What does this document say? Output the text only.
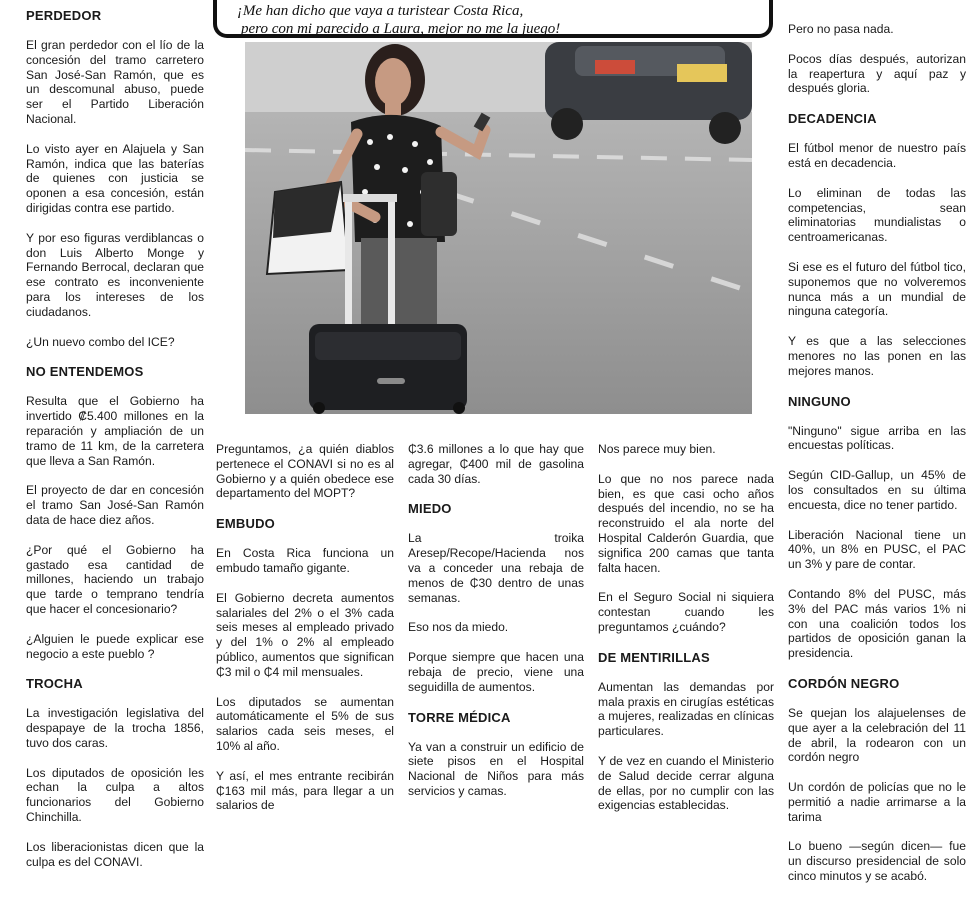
PERDEDOR

El gran perdedor con el lío de la concesión del tramo carretero San José-San Ramón, que es un descomunal abuso, puede ser el Partido Liberación Nacional.

Lo visto ayer en Alajuela y San Ramón, indica que las baterías de quienes con justicia se oponen a esa concesión, están dirigidas contra ese partido.

Y por eso figuras verdiblancas o don Luis Alberto Monge y Fernando Berrocal, declaran que ese contrato es inconveniente para los intereses de los ciudadanos.

¿Un nuevo combo del ICE?

NO ENTENDEMOS

Resulta que el Gobierno ha invertido ₡5.400 millones en la reparación y ampliación de un tramo de 11 km, de la carretera que lleva a San Ramón.

El proyecto de dar en concesión el tramo San José-San Ramón data de hace diez años.

¿Por qué el Gobierno ha gastado esa cantidad de millones, haciendo un trabajo que tarde o temprano tendría que hacer el concesionario?

¿Alguien le puede explicar ese negocio a este pueblo ?

TROCHA

La investigación legislativa del despapaye de la trocha 1856, tuvo dos caras.

Los diputados de oposición les echan la culpa a altos funcionarios del Gobierno Chinchilla.

Los liberacionistas dicen que la culpa es del CONAVI.

¡Me han dicho que vaya a turistear Costa Rica,
pero con mi parecido a Laura, mejor no me la juego!

Preguntamos, ¿a quién diablos pertenece el CONAVI si no es al Gobierno y a quién obedece ese departamento del MOPT?

EMBUDO

En Costa Rica funciona un embudo tamaño gigante.

El Gobierno decreta aumentos salariales del 2% o el 3% cada seis meses al empleado privado y del 1% o 2% al empleado público, aumentos que significan ₵3 mil o ₵4 mil mensuales.

Los diputados se aumentan automáticamente el 5% de sus salarios cada seis meses, el 10% al año.

Y así, el mes entrante recibirán ₵163 mil más, para llegar a un salarios de

₵3.6 millones a lo que hay que agregar, ₵400 mil de gasolina cada 30 días.

MIEDO

La troika Aresep/Recope/Hacienda nos va a conceder una rebaja de menos de ₵30 dentro de unas semanas.

Eso nos da miedo.

Porque siempre que hacen una rebaja de precio, viene una seguidilla de aumentos.

TORRE MÉDICA

Ya van a construir un edificio de siete pisos en el Hospital Nacional de Niños para más servicios y camas.

Nos parece muy bien.

Lo que no nos parece nada bien, es que casi ocho años después del incendio, no se ha reconstruido el ala norte del Hospital Calderón Guardia, que significa 200 camas que tanta falta hacen.

En el Seguro Social ni siquiera contestan cuando les preguntamos ¿cuándo?

DE MENTIRILLAS

Aumentan las demandas por mala praxis en cirugías estéticas a mujeres, realizadas en clínicas particulares.

Y de vez en cuando el Ministerio de Salud decide cerrar alguna de ellas, por no cumplir con las exigencias establecidas.

Pero no pasa nada.

Pocos días después, autorizan la reapertura y aquí paz y después gloria.

DECADENCIA

El fútbol menor de nuestro país está en decadencia.

Lo eliminan de todas las competencias, sean eliminatorias mundialistas o centroamericanas.

Si ese es el futuro del fútbol tico, suponemos que no volveremos nunca más a un mundial de ninguna categoría.

Y es que a las selecciones menores no las ponen en las mejores manos.

NINGUNO

"Ninguno" sigue arriba en las encuestas políticas.

Según CID-Gallup, un 45% de los consultados en su última encuesta, dice no tener partido.

Liberación Nacional tiene un 40%, un 8% en PUSC, el PAC un 3% y pare de contar.

Contando 8% del PUSC, más 3% del PAC más varios 1% ni con una coalición todos los partidos de oposición ganan la presidencia.

CORDÓN NEGRO

Se quejan los alajuelenses de que ayer a la celebración del 11 de abril, la rodearon con un cordón negro

Un cordón de policías que no le permitió a nadie arrimarse a la tarima

Lo bueno —según dicen— fue un discurso presidencial de solo cinco minutos y se acabó.
